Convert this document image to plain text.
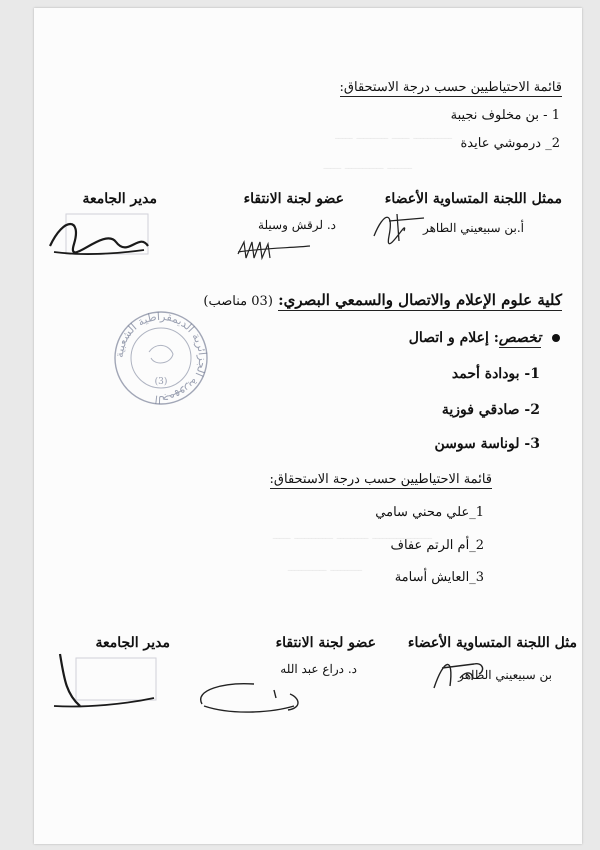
ـــــــــــ ـــــ ـــــــــ ـــــ
ـــــــ ـــــــــــ ـــــ
ـــــــــــــــــ ـــــــــ ـــــــــــ ـــــ
ـــــــــ ـــــــــــ
قائمة الاحتياطيين حسب درجة الاستحقاق:
1 - بن مخلوف نجيبة
2_ درموشي عايدة
ممثل اللجنة المتساوية الأعضاء
أ.بن سبيعيني الطاهر
عضو لجنة الانتقاء
د. لرقش وسيلة
مدير الجامعة
كلية علوم الإعلام والاتصال والسمعي البصري: (03 مناصب)
تخصص: إعلام و اتصال
1- بودادة أحمد
2- صادقي فوزية
3- لوناسة سوسن
الجمهورية الجزائرية الديمقراطية الشعبية
(3)
قائمة الاحتياطيين حسب درجة الاستحقاق:
1_علي محني سامي
2_أم الرتم عفاف
3_العايش أسامة
مثل اللجنة المتساوية الأعضاء
بن سبيعيني الطاهر
عضو لجنة الانتقاء
د. دراع عبد الله
مدير الجامعة
